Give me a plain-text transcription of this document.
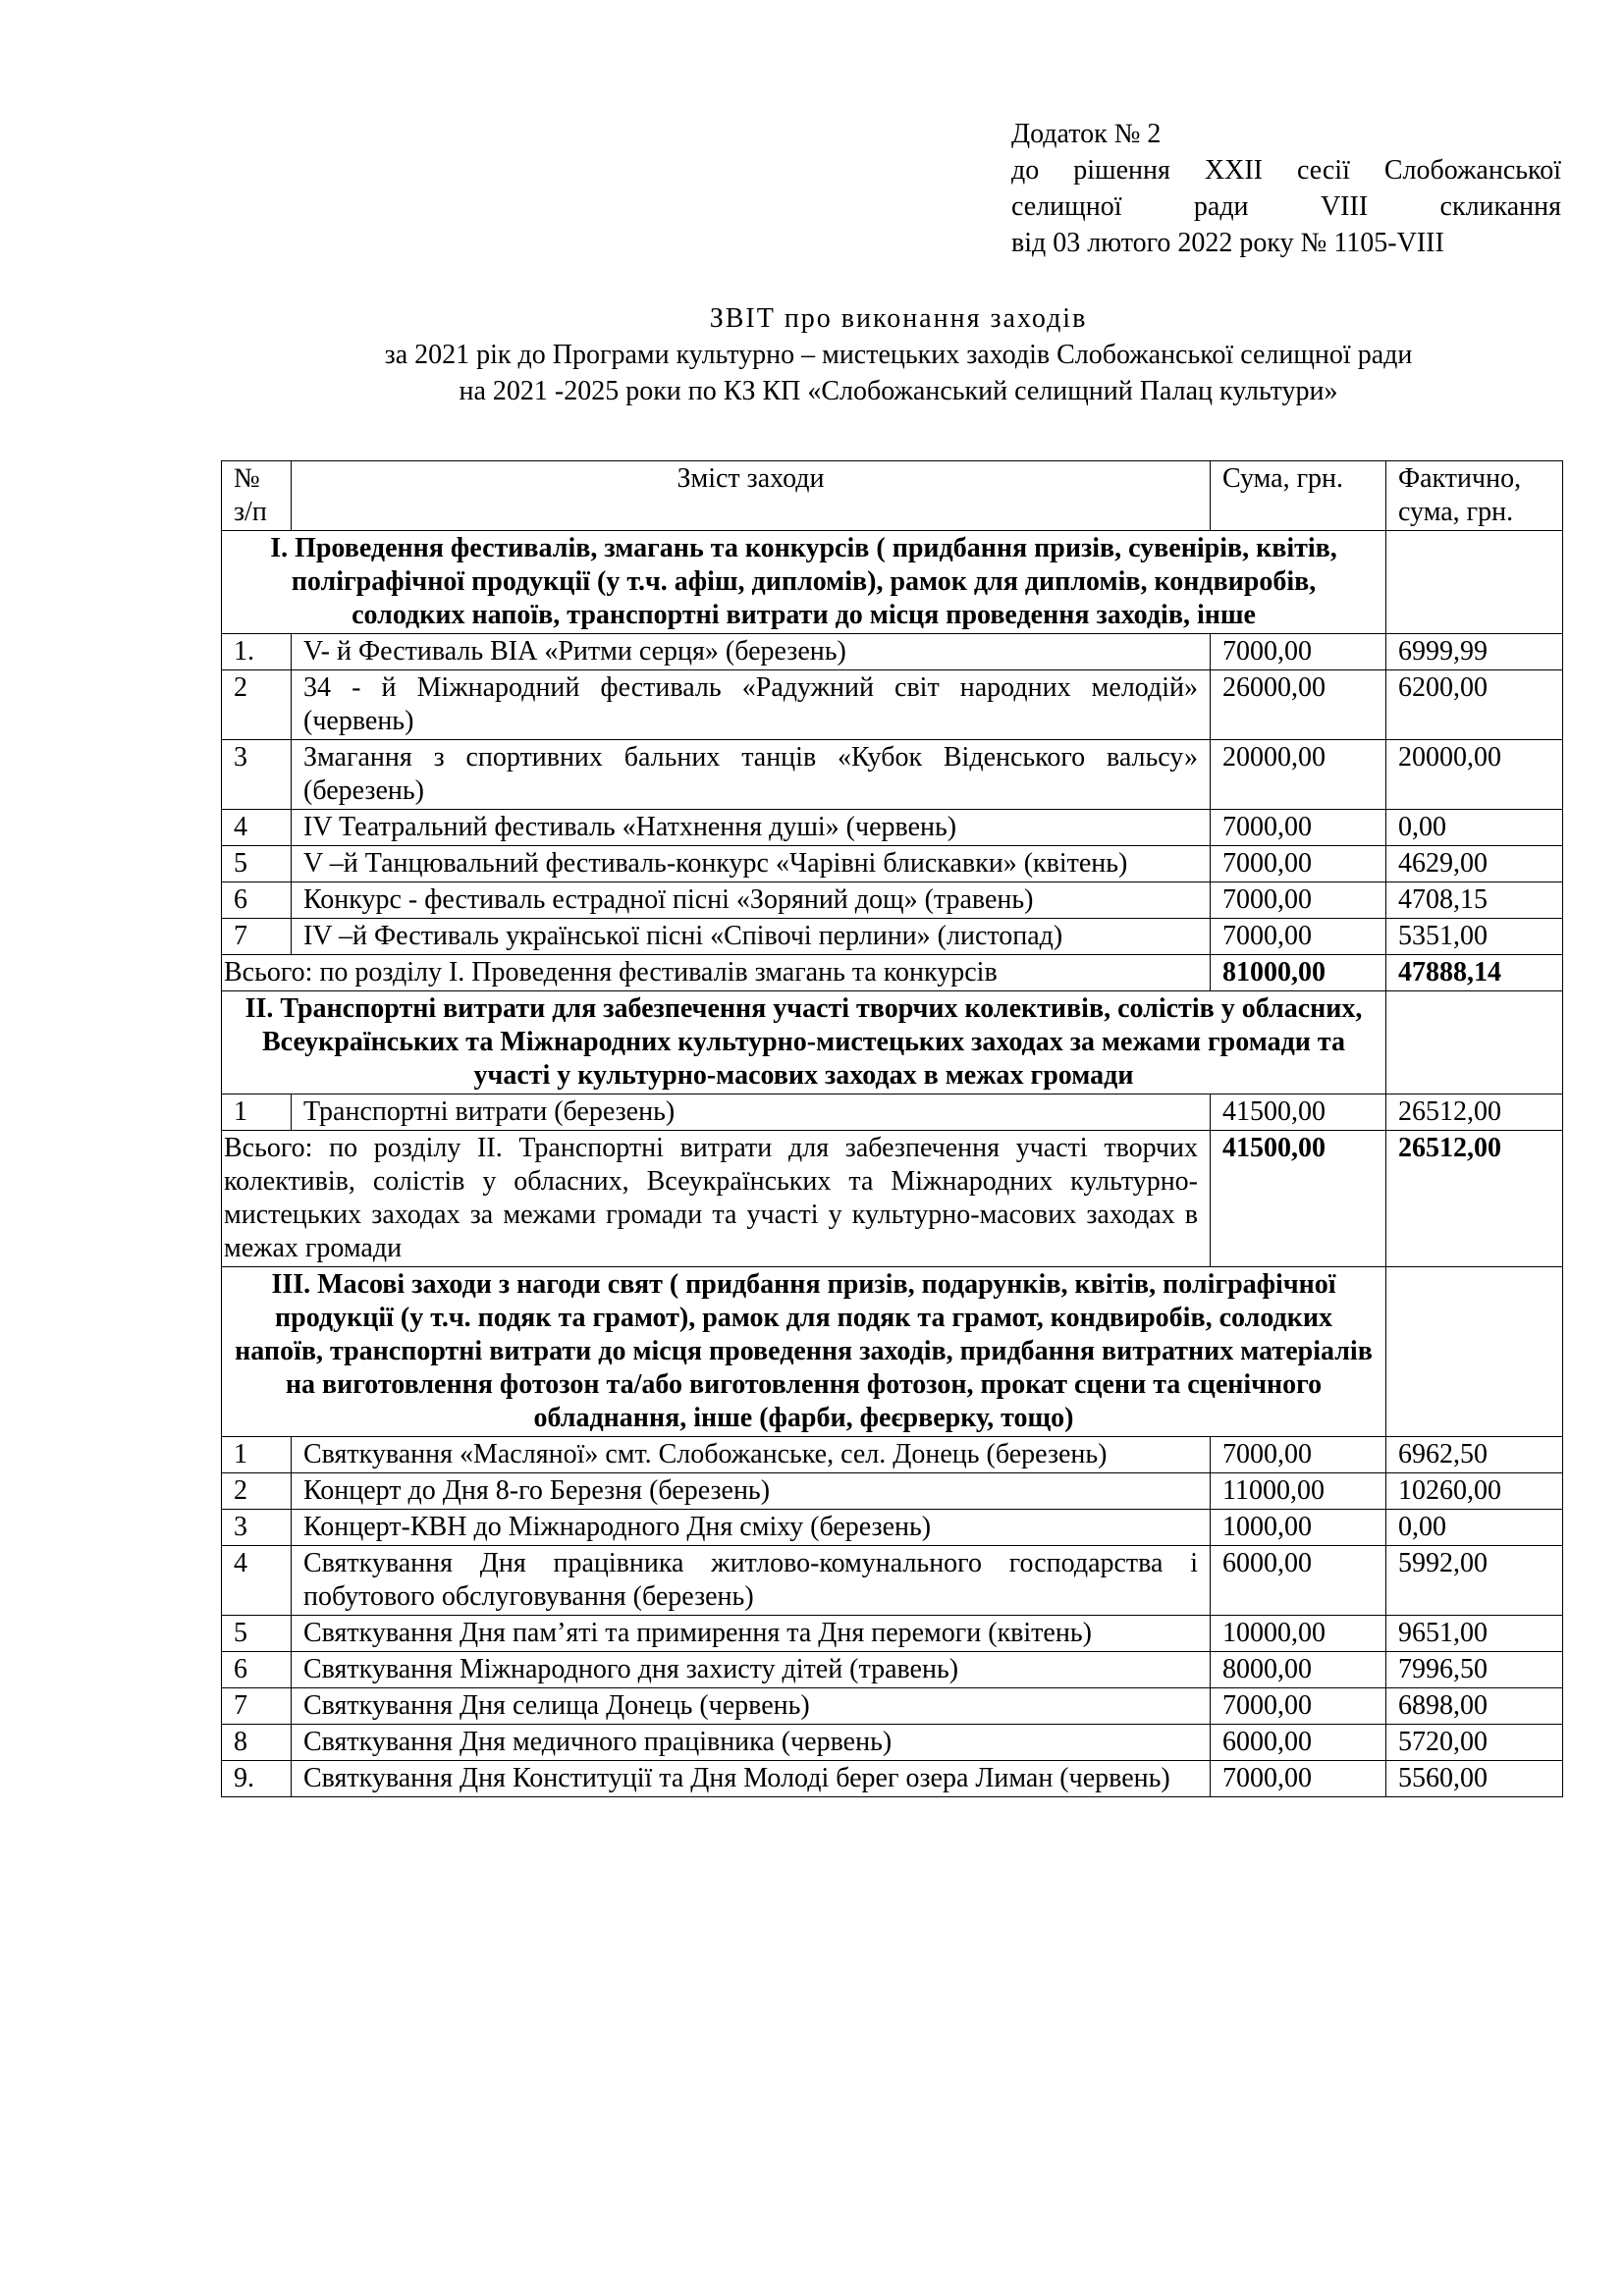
Додаток № 2
до рішення XXII сесії Слобожанської
селищної ради VIII скликання
від 03 лютого 2022 року № 1105-VIII
ЗВІТ про виконання заходів
за 2021 рік до Програми культурно – мистецьких заходів Слобожанської селищної ради
на 2021 -2025 роки по КЗ КП «Слобожанський селищний Палац культури»
№ з/п	Зміст заходи	Сума, грн.	Фактично, сума, грн.
І. Проведення фестивалів, змагань та конкурсів ( придбання призів, сувенірів, квітів, поліграфічної продукції (у т.ч. афіш, дипломів), рамок для дипломів, кондвиробів, солодких напоїв, транспортні витрати до місця проведення заходів, інше			
1.	V- й Фестиваль ВІА «Ритми серця» (березень)	7000,00	6999,99
2	34 - й Міжнародний фестиваль «Радужний світ народних мелодій» (червень)	26000,00	6200,00
3	Змагання з спортивних бальних танців «Кубок Віденського вальсу» (березень)	20000,00	20000,00
4	IV Театральний фестиваль «Натхнення душі» (червень)	7000,00	0,00
5	V –й Танцювальний фестиваль-конкурс «Чарівні блискавки» (квітень)	7000,00	4629,00
6	Конкурс - фестиваль естрадної пісні «Зоряний дощ» (травень)	7000,00	4708,15
7	IV –й Фестиваль української пісні «Співочі перлини» (листопад)	7000,00	5351,00
Всього: по розділу І. Проведення фестивалів змагань та конкурсів		81000,00	47888,14
ІІ. Транспортні витрати для забезпечення участі творчих колективів, солістів у обласних, Всеукраїнських та Міжнародних культурно-мистецьких заходах за межами громади та участі у культурно-масових заходах в межах громади			
1	Транспортні витрати (березень)	41500,00	26512,00
Всього: по розділу ІІ. Транспортні витрати для забезпечення участі творчих колективів, солістів у обласних, Всеукраїнських та Міжнародних культурно-мистецьких заходах за межами громади та участі у культурно-масових заходах в межах громади		41500,00	26512,00
ІІІ. Масові заходи з нагоди свят ( придбання призів, подарунків, квітів, поліграфічної продукції (у т.ч. подяк та грамот), рамок для подяк та грамот, кондвиробів, солодких напоїв, транспортні витрати до місця проведення заходів, придбання витратних матеріалів на виготовлення фотозон та/або виготовлення фотозон, прокат сцени та сценічного обладнання, інше (фарби, феєрверку, тощо)			
1	Святкування «Масляної» смт. Слобожанське, сел. Донець (березень)	7000,00	6962,50
2	Концерт до Дня 8-го Березня (березень)	11000,00	10260,00
3	Концерт-КВН до Міжнародного Дня сміху (березень)	1000,00	0,00
4	Святкування Дня працівника житлово-комунального господарства і побутового обслуговування (березень)	6000,00	5992,00
5	Святкування Дня пам’яті та примирення та Дня перемоги (квітень)	10000,00	9651,00
6	Святкування Міжнародного дня захисту дітей (травень)	8000,00	7996,50
7	Святкування Дня селища Донець (червень)	7000,00	6898,00
8	Святкування Дня медичного працівника (червень)	6000,00	5720,00
9.	Святкування Дня Конституції та Дня Молоді берег озера Лиман (червень)	7000,00	5560,00
